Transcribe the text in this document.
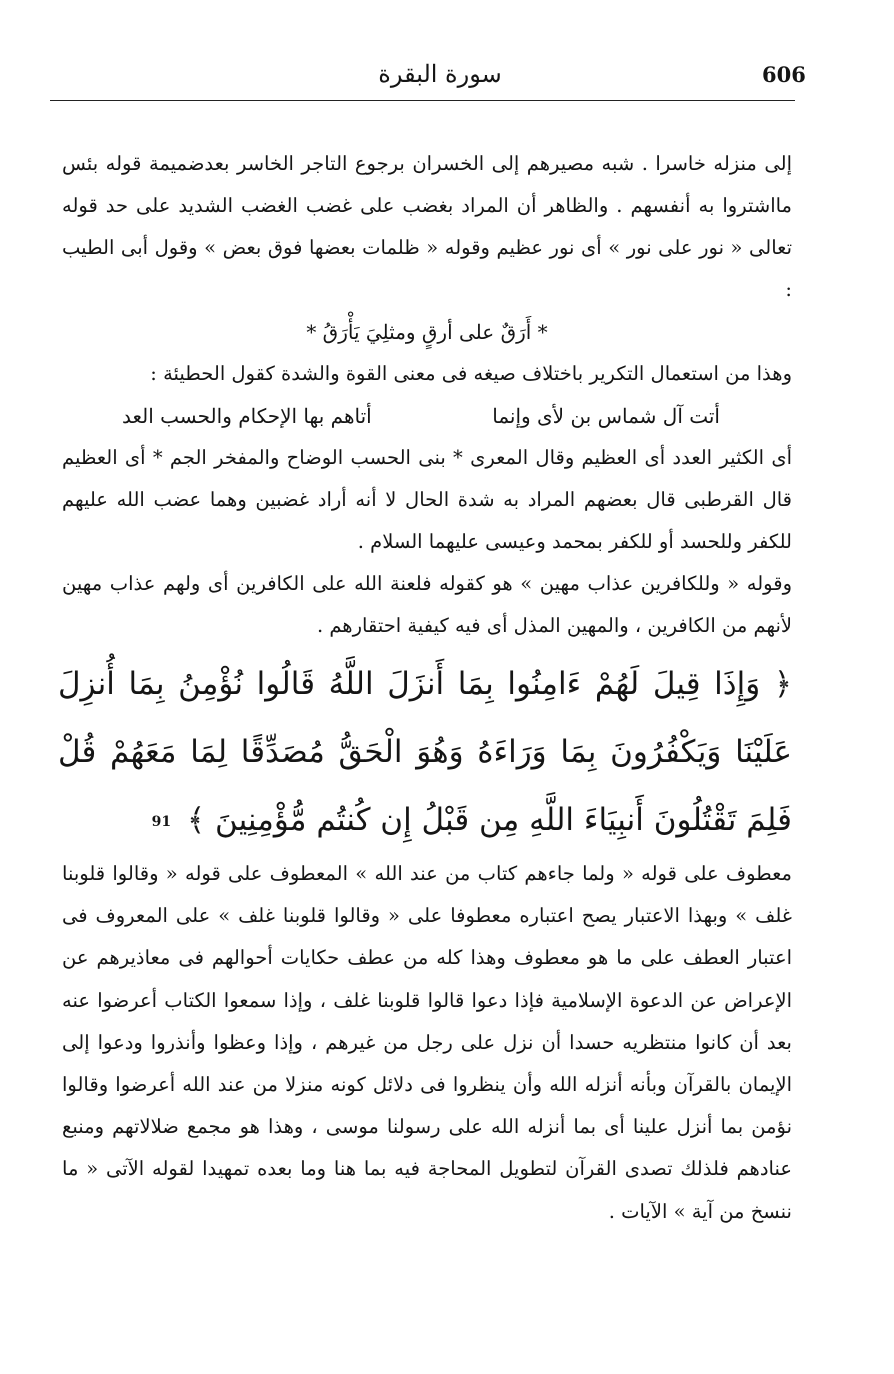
606
سورة البقرة

إلى منزله خاسرا . شبه مصيرهم إلى الخسران برجوع التاجر الخاسر بعدضميمة قوله بئس مااشتروا به أنفسهم . والظاهر أن المراد بغضب على غضب الغضب الشديد على حد قوله تعالى « نور على نور » أى نور عظيم وقوله « ظلمات بعضها فوق بعض » وقول أبى الطيب :

* أَرَقٌ على أرقٍ ومثلِيَ يَأْرَقُ *

وهذا من استعمال التكرير باختلاف صيغه فى معنى القوة والشدة كقول الحطيئة :

أتت آل شماس بن لأى وإنما
أتاهم بها الإحكام والحسب العد

أى الكثير العدد أى العظيم وقال المعرى * بنى الحسب الوضاح والمفخر الجم * أى العظيم قال القرطبى قال بعضهم المراد به شدة الحال لا أنه أراد غضبين وهما عضب الله عليهم للكفر وللحسد أو للكفر بمحمد وعيسى عليهما السلام .

وقوله « وللكافرين عذاب مهين » هو كقوله فلعنة الله على الكافرين أى ولهم عذاب مهين لأنهم من الكافرين ، والمهين المذل أى فيه كيفية احتقارهم .

﴿ وَإِذَا قِيلَ لَهُمْ ءَامِنُوا بِمَا أَنزَلَ اللَّهُ قَالُوا نُؤْمِنُ بِمَا أُنزِلَ عَلَيْنَا وَيَكْفُرُونَ بِمَا وَرَاءَهُ وَهُوَ الْحَقُّ مُصَدِّقًا لِمَا مَعَهُمْ قُلْ فَلِمَ تَقْتُلُونَ أَنبِيَاءَ اللَّهِ مِن قَبْلُ إِن كُنتُم مُّؤْمِنِينَ ﴾ 91

معطوف على قوله « ولما جاءهم كتاب من عند الله » المعطوف على قوله « وقالوا قلوبنا غلف » وبهذا الاعتبار يصح اعتباره معطوفا على « وقالوا قلوبنا غلف » على المعروف فى اعتبار العطف على ما هو معطوف وهذا كله من عطف حكايات أحوالهم فى معاذيرهم عن الإعراض عن الدعوة الإسلامية فإذا دعوا قالوا قلوبنا غلف ، وإذا سمعوا الكتاب أعرضوا عنه بعد أن كانوا منتظريه حسدا أن نزل على رجل من غيرهم ، وإذا وعظوا وأنذروا ودعوا إلى الإيمان بالقرآن وبأنه أنزله الله وأن ينظروا فى دلائل كونه منزلا من عند الله أعرضوا وقالوا نؤمن بما أنزل علينا أى بما أنزله الله على رسولنا موسى ، وهذا هو مجمع ضلالاتهم ومنبع عنادهم فلذلك تصدى القرآن لتطويل المحاجة فيه بما هنا وما بعده تمهيدا لقوله الآتى « ما ننسخ من آية » الآيات .
